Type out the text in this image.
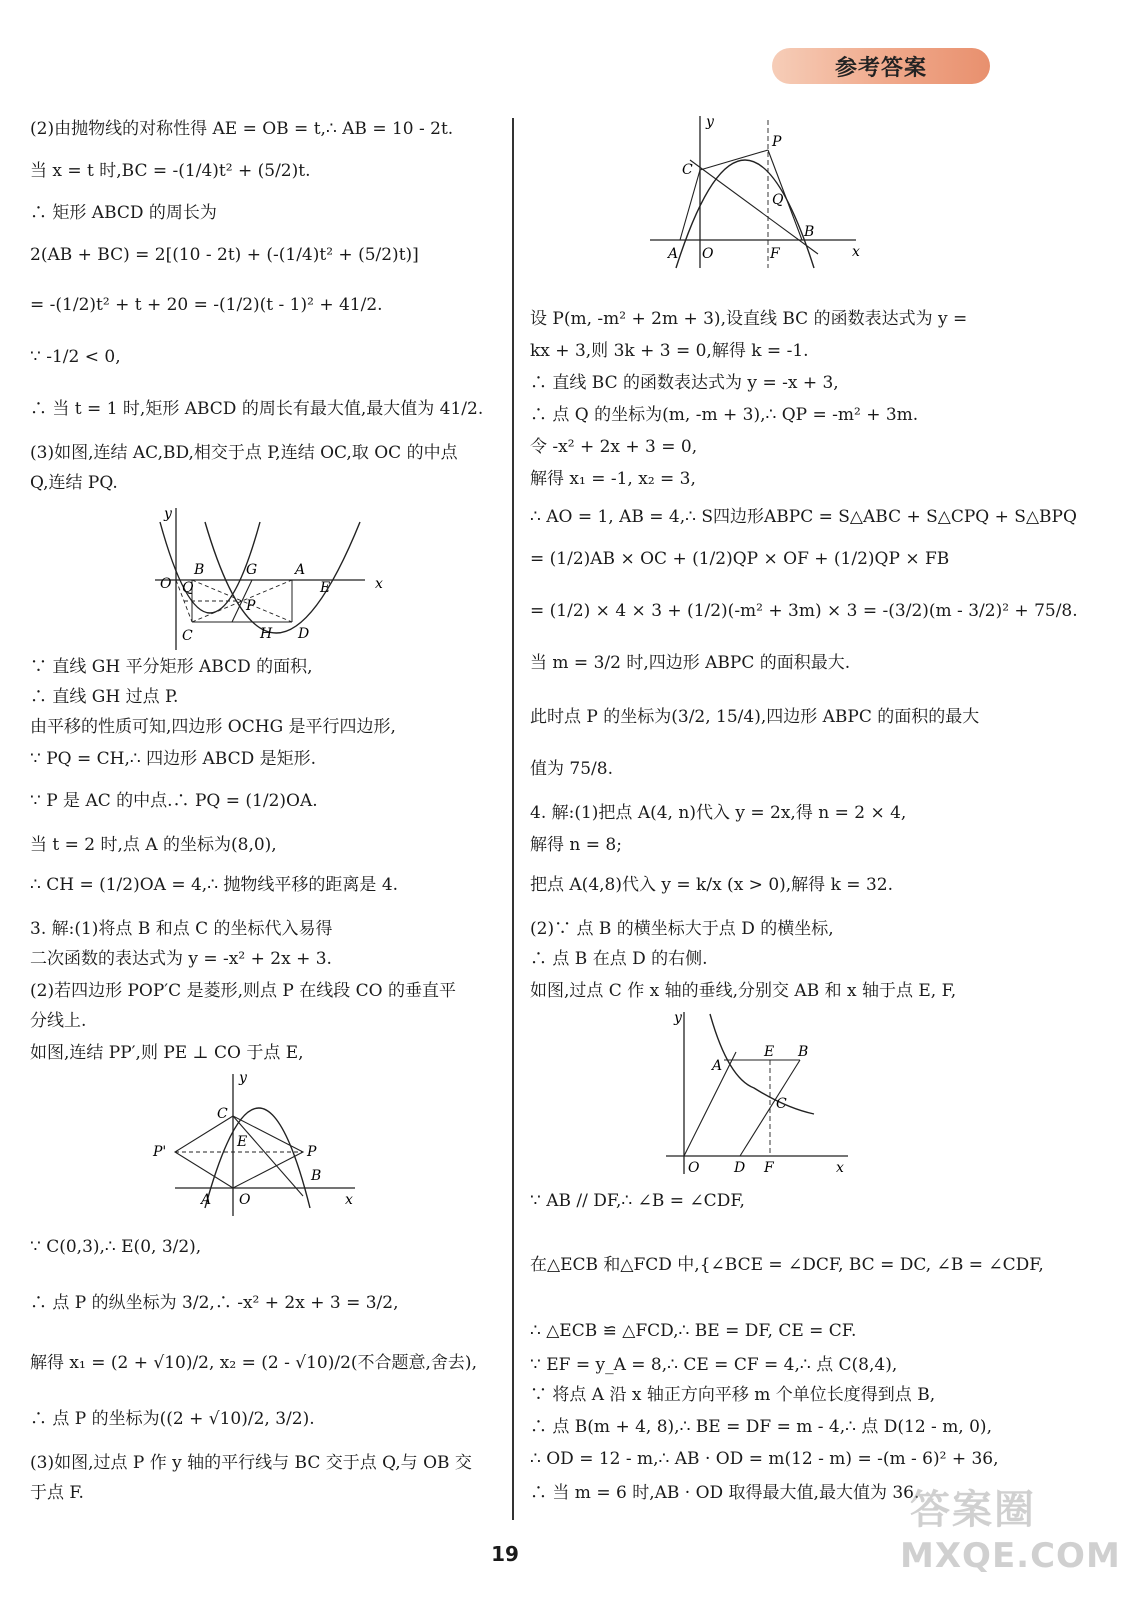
参考答案
(2)由抛物线的对称性得 AE = OB = t,∴ AB = 10 - 2t.
当 x = t 时,BC = -(1/4)t² + (5/2)t.
∴ 矩形 ABCD 的周长为
2(AB + BC) = 2[(10 - 2t) + (-(1/4)t² + (5/2)t)]
= -(1/2)t² + t + 20 = -(1/2)(t - 1)² + 41/2.
∵ -1/2 < 0,
∴ 当 t = 1 时,矩形 ABCD 的周长有最大值,最大值为 41/2.
(3)如图,连结 AC,BD,相交于点 P,连结 OC,取 OC 的中点
Q,连结 PQ.
y
O Q
B	G	A
E	x
P
C	H D
∵ 直线 GH 平分矩形 ABCD 的面积,
∴ 直线 GH 过点 P.
由平移的性质可知,四边形 OCHG 是平行四边形,
∵ PQ = CH,∴ 四边形 ABCD 是矩形.
∵ P 是 AC 的中点.∴ PQ = (1/2)OA.
当 t = 2 时,点 A 的坐标为(8,0),
∴ CH = (1/2)OA = 4,∴ 抛物线平移的距离是 4.
3. 解:(1)将点 B 和点 C 的坐标代入易得
二次函数的表达式为 y = -x² + 2x + 3.
(2)若四边形 POP′C 是菱形,则点 P 在线段 CO 的垂直平
分线上.
如图,连结 PP′,则 PE ⊥ CO 于点 E,
y
x
C
E
P'	P
B
A O
∵ C(0,3),∴ E(0, 3/2),
∴ 点 P 的纵坐标为 3/2,∴ -x² + 2x + 3 = 3/2,
解得 x₁ = (2 + √10)/2, x₂ = (2 - √10)/2(不合题意,舍去),
∴ 点 P 的坐标为((2 + √10)/2, 3/2).
(3)如图,过点 P 作 y 轴的平行线与 BC 交于点 Q,与 OB 交
于点 F.
y
x
P
C
Q
A O	F
B
设 P(m, -m² + 2m + 3),设直线 BC 的函数表达式为 y =
kx + 3,则 3k + 3 = 0,解得 k = -1.
∴ 直线 BC 的函数表达式为 y = -x + 3,
∴ 点 Q 的坐标为(m, -m + 3),∴ QP = -m² + 3m.
令 -x² + 2x + 3 = 0,
解得 x₁ = -1, x₂ = 3,
∴ AO = 1, AB = 4,∴ S四边形ABPC = S△ABC + S△CPQ + S△BPQ
= (1/2)AB × OC + (1/2)QP × OF + (1/2)QP × FB
= (1/2) × 4 × 3 + (1/2)(-m² + 3m) × 3 = -(3/2)(m - 3/2)² + 75/8.
当 m = 3/2 时,四边形 ABPC 的面积最大.
此时点 P 的坐标为(3/2, 15/4),四边形 ABPC 的面积的最大
值为 75/8.
4. 解:(1)把点 A(4, n)代入 y = 2x,得 n = 2 × 4,
解得 n = 8;
把点 A(4,8)代入 y = k/x (x > 0),解得 k = 32.
(2)∵ 点 B 的横坐标大于点 D 的横坐标,
∴ 点 B 在点 D 的右侧.
如图,过点 C 作 x 轴的垂线,分别交 AB 和 x 轴于点 E, F,
y
x
A
E B
C
O D F
∵ AB // DF,∴ ∠B = ∠CDF,
在△ECB 和△FCD 中,{∠BCE = ∠DCF, BC = DC, ∠B = ∠CDF,
∴ △ECB ≌ △FCD,∴ BE = DF, CE = CF.
∵ EF = y_A = 8,∴ CE = CF = 4,∴ 点 C(8,4),
∵ 将点 A 沿 x 轴正方向平移 m 个单位长度得到点 B,
∴ 点 B(m + 4, 8),∴ BE = DF = m - 4,∴ 点 D(12 - m, 0),
∴ OD = 12 - m,∴ AB · OD = m(12 - m) = -(m - 6)² + 36,
∴ 当 m = 6 时,AB · OD 取得最大值,最大值为 36.
19
答案圈
MXQE.COM
